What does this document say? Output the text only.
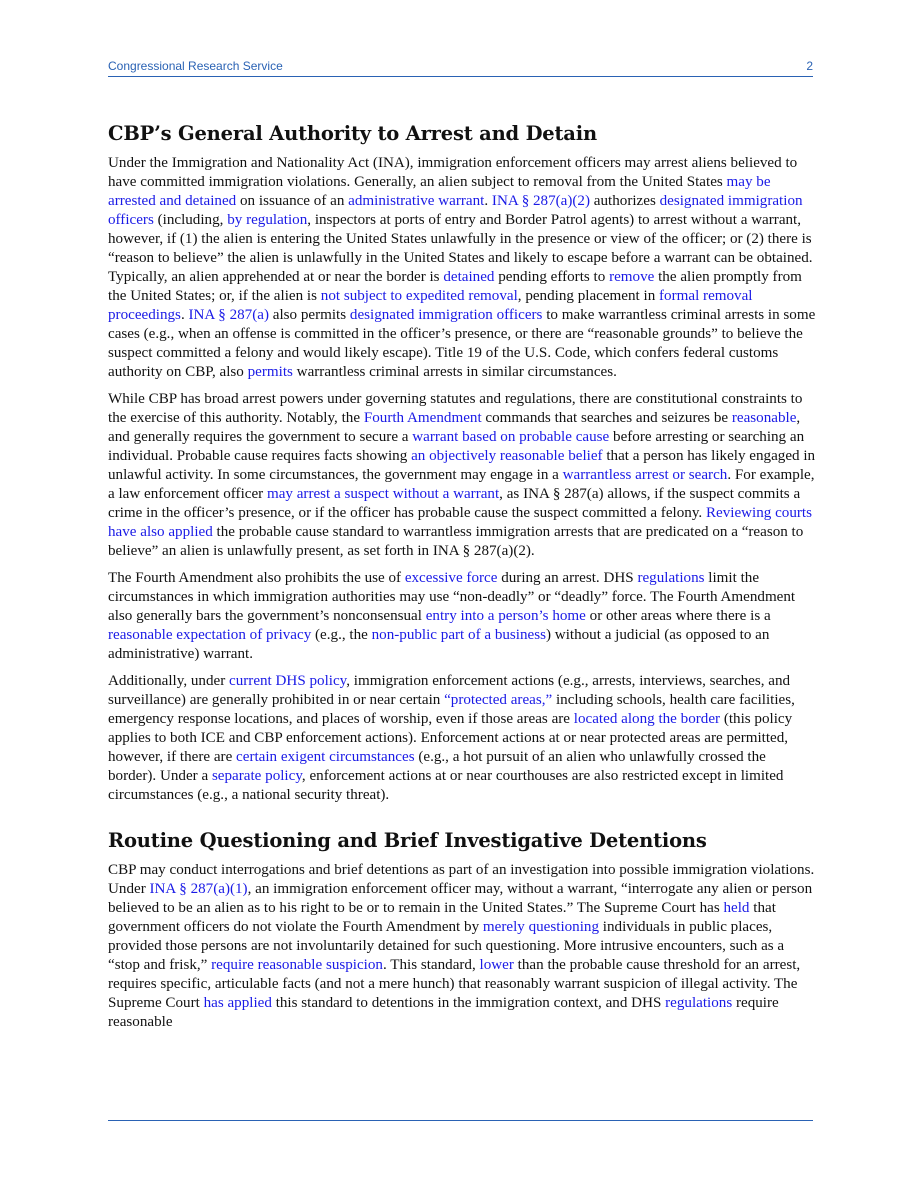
Congressional Research Service	2
CBP’s General Authority to Arrest and Detain

Under the Immigration and Nationality Act (INA), immigration enforcement officers may arrest aliens believed to have committed immigration violations. Generally, an alien subject to removal from the United States may be arrested and detained on issuance of an administrative warrant. INA § 287(a)(2) authorizes designated immigration officers (including, by regulation, inspectors at ports of entry and Border Patrol agents) to arrest without a warrant, however, if (1) the alien is entering the United States unlawfully in the presence or view of the officer; or (2) there is “reason to believe” the alien is unlawfully in the United States and likely to escape before a warrant can be obtained. Typically, an alien apprehended at or near the border is detained pending efforts to remove the alien promptly from the United States; or, if the alien is not subject to expedited removal, pending placement in formal removal proceedings. INA § 287(a) also permits designated immigration officers to make warrantless criminal arrests in some cases (e.g., when an offense is committed in the officer’s presence, or there are “reasonable grounds” to believe the suspect committed a felony and would likely escape). Title 19 of the U.S. Code, which confers federal customs authority on CBP, also permits warrantless criminal arrests in similar circumstances.

While CBP has broad arrest powers under governing statutes and regulations, there are constitutional constraints to the exercise of this authority. Notably, the Fourth Amendment commands that searches and seizures be reasonable, and generally requires the government to secure a warrant based on probable cause before arresting or searching an individual. Probable cause requires facts showing an objectively reasonable belief that a person has likely engaged in unlawful activity. In some circumstances, the government may engage in a warrantless arrest or search. For example, a law enforcement officer may arrest a suspect without a warrant, as INA § 287(a) allows, if the suspect commits a crime in the officer’s presence, or if the officer has probable cause the suspect committed a felony. Reviewing courts have also applied the probable cause standard to warrantless immigration arrests that are predicated on a “reason to believe” an alien is unlawfully present, as set forth in INA § 287(a)(2).

The Fourth Amendment also prohibits the use of excessive force during an arrest. DHS regulations limit the circumstances in which immigration authorities may use “non-deadly” or “deadly” force. The Fourth Amendment also generally bars the government’s nonconsensual entry into a person’s home or other areas where there is a reasonable expectation of privacy (e.g., the non-public part of a business) without a judicial (as opposed to an administrative) warrant.

Additionally, under current DHS policy, immigration enforcement actions (e.g., arrests, interviews, searches, and surveillance) are generally prohibited in or near certain “protected areas,” including schools, health care facilities, emergency response locations, and places of worship, even if those areas are located along the border (this policy applies to both ICE and CBP enforcement actions). Enforcement actions at or near protected areas are permitted, however, if there are certain exigent circumstances (e.g., a hot pursuit of an alien who unlawfully crossed the border). Under a separate policy, enforcement actions at or near courthouses are also restricted except in limited circumstances (e.g., a national security threat).

Routine Questioning and Brief Investigative Detentions

CBP may conduct interrogations and brief detentions as part of an investigation into possible immigration violations. Under INA § 287(a)(1), an immigration enforcement officer may, without a warrant, “interrogate any alien or person believed to be an alien as to his right to be or to remain in the United States.” The Supreme Court has held that government officers do not violate the Fourth Amendment by merely questioning individuals in public places, provided those persons are not involuntarily detained for such questioning. More intrusive encounters, such as a “stop and frisk,” require reasonable suspicion. This standard, lower than the probable cause threshold for an arrest, requires specific, articulable facts (and not a mere hunch) that reasonably warrant suspicion of illegal activity. The Supreme Court has applied this standard to detentions in the immigration context, and DHS regulations require reasonable
